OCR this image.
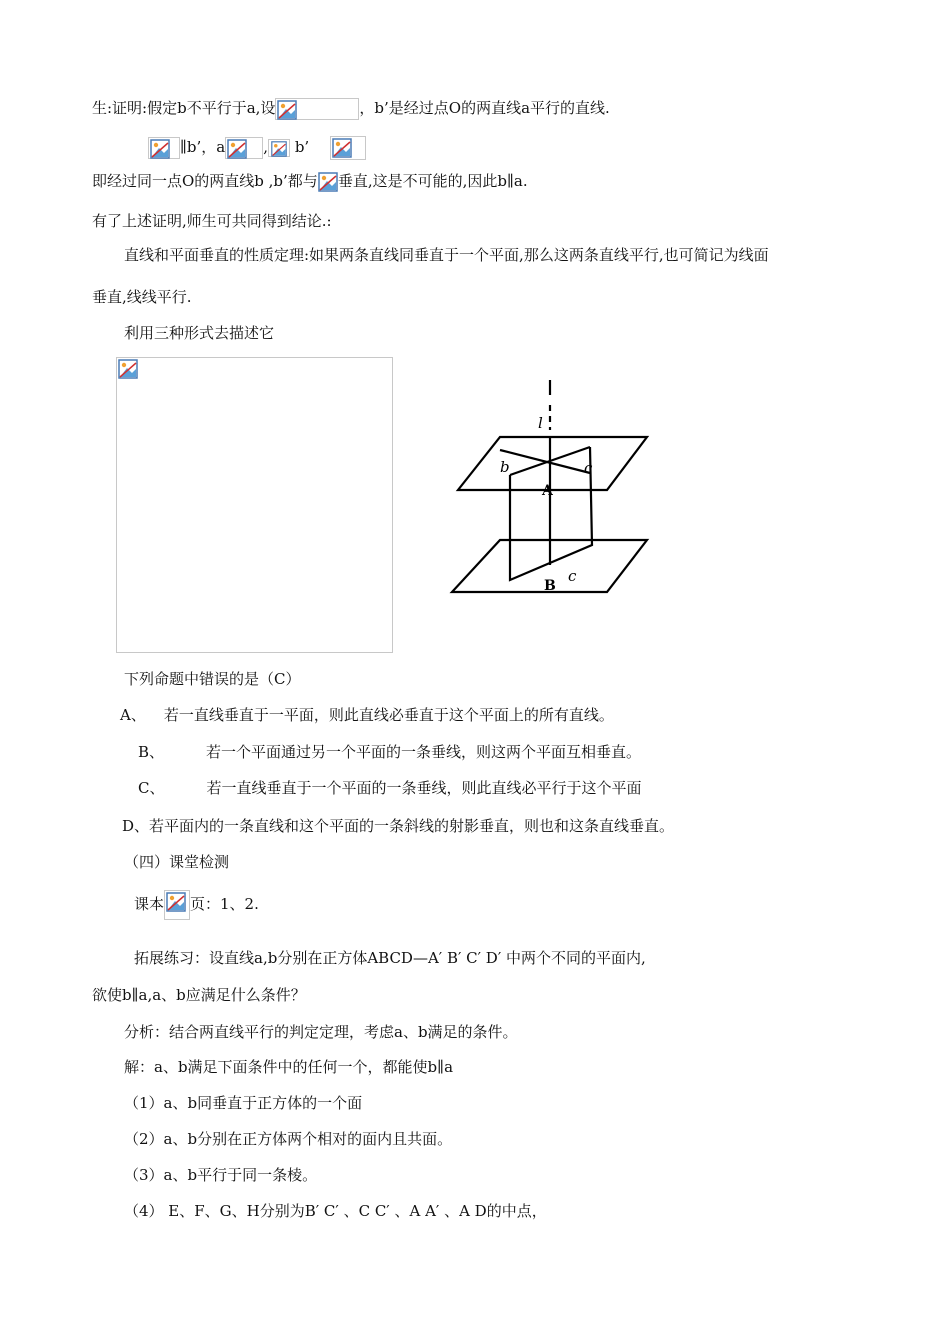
生:证明:假定b不平行于a,设	，b’是经过点O的两直线a平行的直线.
∥b’，a	, b’
即经过同一点O的两直线b ,b’都与 垂直,这是不可能的,因此b∥a.
有了上述证明,师生可共同得到结论.:
直线和平面垂直的性质定理:如果两条直线同垂直于一个平面,那么这两条直线平行,也可简记为线面
垂直,线线平行.
利用三种形式去描述它
l
b	c
A
c
B
下列命题中错误的是（C）
A、 若一直线垂直于一平面，则此直线必垂直于这个平面上的所有直线。
B、	若一个平面通过另一个平面的一条垂线，则这两个平面互相垂直。
C、	若一直线垂直于一个平面的一条垂线，则此直线必平行于这个平面
D、若平面内的一条直线和这个平面的一条斜线的射影垂直，则也和这条直线垂直。
（四）课堂检测
课本 页：1、2.
拓展练习：设直线a,b分别在正方体ABCD—A′ B′ C′ D′ 中两个不同的平面内,
欲使b∥a,a、b应满足什么条件？
分析：结合两直线平行的判定定理，考虑a、b满足的条件。
解：a、b满足下面条件中的任何一个，都能使b∥a
（1）a、b同垂直于正方体的一个面
（2）a、b分别在正方体两个相对的面内且共面。
（3）a、b平行于同一条棱。
（4） E、F、G、H分别为B′ C′ 、C C′ 、A A′ 、A D的中点，
